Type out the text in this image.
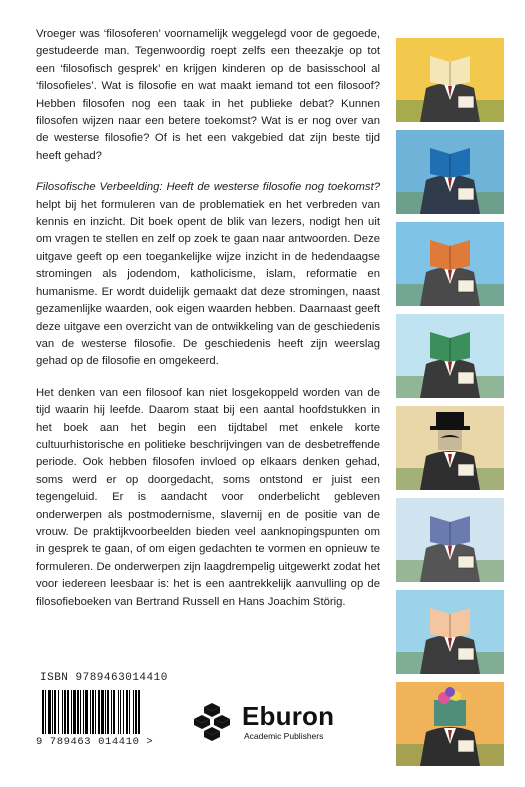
Vroeger was ‘filosoferen’ voornamelijk weggelegd voor de gegoede, gestudeerde man. Tegenwoordig roept zelfs een theezakje op tot een ‘filosofisch gesprek’ en krijgen kinderen op de basisschool al ‘filosofieles’. Wat is filosofie en wat maakt iemand tot een filosoof? Hebben filosofen nog een taak in het publieke debat? Kunnen filosofen wijzen naar een betere toekomst? Wat is er nog over van de westerse filosofie? Of is het een vakgebied dat zijn beste tijd heeft gehad?

Filosofische Verbeelding: Heeft de westerse filosofie nog toekomst? helpt bij het formuleren van de problematiek en het verbreden van kennis en inzicht. Dit boek opent de blik van lezers, nodigt hen uit om vragen te stellen en zelf op zoek te gaan naar antwoorden. Deze uitgave geeft op een toegankelijke wijze inzicht in de hedendaagse stromingen als jodendom, katholicisme, islam, reformatie en humanisme. Er wordt duidelijk gemaakt dat deze stromingen, naast gezamenlijke waarden, ook eigen waarden hebben. Daarnaast geeft deze uitgave een overzicht van de ontwikkeling van de geschiedenis van de westerse filosofie. De geschiedenis heeft zijn weerslag gehad op de filosofie en omgekeerd.

Het denken van een filosoof kan niet losgekoppeld worden van de tijd waarin hij leefde. Daarom staat bij een aantal hoofdstukken in het boek aan het begin een tijdtabel met enkele korte cultuurhistorische en politieke beschrijvingen van de desbetreffende periode. Ook hebben filosofen invloed op elkaars denken gehad, soms werd er op doorgedacht, soms ontstond er juist een tegengeluid. Er is aandacht voor onderbelicht gebleven onderwerpen als postmodernisme, slavernij en de positie van de vrouw. De praktijkvoorbeelden bieden veel aanknopingspunten om in gesprek te gaan, of om eigen gedachten te vormen en opnieuw te formuleren. De onderwerpen zijn laagdrempelig uitgewerkt zodat het voor iedereen leesbaar is: het is een aantrekkelijk aanvulling op de filosofieboeken van Bertrand Russell en Hans Joachim Störig.

ISBN 9789463014410
9 789463 014410 >
Eburon
Academic Publishers
